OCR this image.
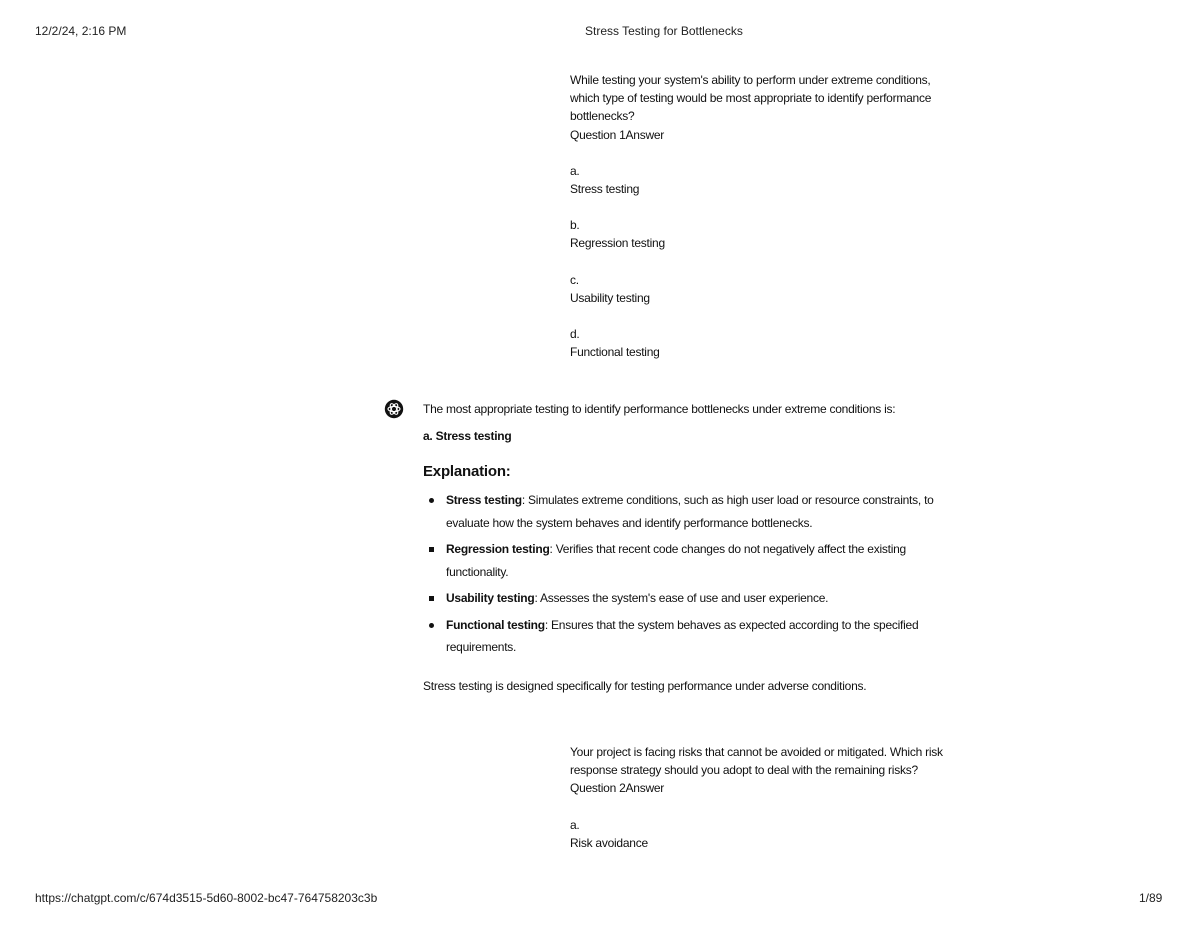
12/2/24, 2:16 PM	Stress Testing for Bottlenecks
While testing your system's ability to perform under extreme conditions, which type of testing would be most appropriate to identify performance bottlenecks?
Question 1Answer
a.
Stress testing
b.
Regression testing
c.
Usability testing
d.
Functional testing
The most appropriate testing to identify performance bottlenecks under extreme conditions is:
a. Stress testing
Explanation:
Stress testing: Simulates extreme conditions, such as high user load or resource constraints, to evaluate how the system behaves and identify performance bottlenecks.
Regression testing: Verifies that recent code changes do not negatively affect the existing functionality.
Usability testing: Assesses the system's ease of use and user experience.
Functional testing: Ensures that the system behaves as expected according to the specified requirements.
Stress testing is designed specifically for testing performance under adverse conditions.
Your project is facing risks that cannot be avoided or mitigated. Which risk response strategy should you adopt to deal with the remaining risks?
Question 2Answer
a.
Risk avoidance
https://chatgpt.com/c/674d3515-5d60-8002-bc47-764758203c3b	1/89
